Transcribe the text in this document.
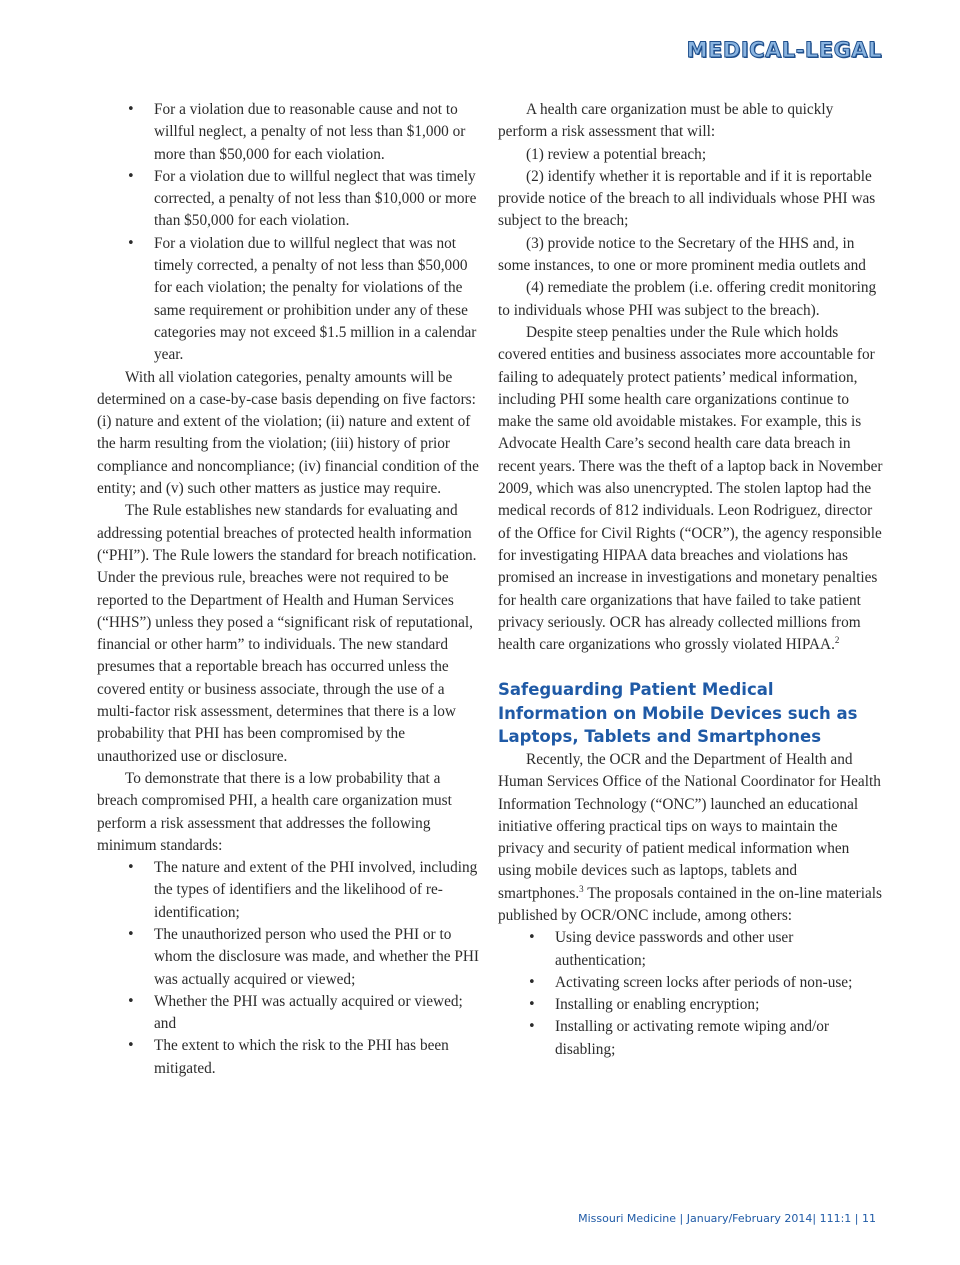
MEDICAL-LEGAL
• For a violation due to reasonable cause and not to willful neglect, a penalty of not less than $1,000 or more than $50,000 for each violation.
• For a violation due to willful neglect that was timely corrected, a penalty of not less than $10,000 or more than $50,000 for each violation.
• For a violation due to willful neglect that was not timely corrected, a penalty of not less than $50,000 for each violation; the penalty for violations of the same requirement or prohibition under any of these categories may not exceed $1.5 million in a calendar year.

With all violation categories, penalty amounts will be determined on a case-by-case basis depending on five factors: (i) nature and extent of the violation; (ii) nature and extent of the harm resulting from the violation; (iii) history of prior compliance and noncompliance; (iv) financial condition of the entity; and (v) such other matters as justice may require.

The Rule establishes new standards for evaluating and addressing potential breaches of protected health information (“PHI”). The Rule lowers the standard for breach notification. Under the previous rule, breaches were not required to be reported to the Department of Health and Human Services (“HHS”) unless they posed a “significant risk of reputational, financial or other harm” to individuals. The new standard presumes that a reportable breach has occurred unless the covered entity or business associate, through the use of a multi-factor risk assessment, determines that there is a low probability that PHI has been compromised by the unauthorized use or disclosure.

To demonstrate that there is a low probability that a breach compromised PHI, a health care organization must perform a risk assessment that addresses the following minimum standards:

• The nature and extent of the PHI involved, including the types of identifiers and the likelihood of re-identification;
• The unauthorized person who used the PHI or to whom the disclosure was made, and whether the PHI was actually acquired or viewed;
• Whether the PHI was actually acquired or viewed; and
• The extent to which the risk to the PHI has been mitigated.

A health care organization must be able to quickly perform a risk assessment that will:

(1) review a potential breach;

(2) identify whether it is reportable and if it is reportable provide notice of the breach to all individuals whose PHI was subject to the breach;

(3) provide notice to the Secretary of the HHS and, in some instances, to one or more prominent media outlets and

(4) remediate the problem (i.e. offering credit monitoring to individuals whose PHI was subject to the breach).

Despite steep penalties under the Rule which holds covered entities and business associates more accountable for failing to adequately protect patients’ medical information, including PHI some health care organizations continue to make the same old avoidable mistakes. For example, this is Advocate Health Care’s second health care data breach in recent years. There was the theft of a laptop back in November 2009, which was also unencrypted. The stolen laptop had the medical records of 812 individuals. Leon Rodriguez, director of the Office for Civil Rights (“OCR”), the agency responsible for investigating HIPAA data breaches and violations has promised an increase in investigations and monetary penalties for health care organizations that have failed to take patient privacy seriously. OCR has already collected millions from health care organizations who grossly violated HIPAA.$^2$

Safeguarding Patient Medical Information on Mobile Devices such as Laptops, Tablets and Smartphones

Recently, the OCR and the Department of Health and Human Services Office of the National Coordinator for Health Information Technology (“ONC”) launched an educational initiative offering practical tips on ways to maintain the privacy and security of patient medical information when using mobile devices such as laptops, tablets and smartphones.$^3$ The proposals contained in the on-line materials published by OCR/ONC include, among others:

• Using device passwords and other user authentication;
• Activating screen locks after periods of non-use;
• Installing or enabling encryption;
• Installing or activating remote wiping and/or disabling;
Missouri Medicine | January/February 2014| 111:1 | 11
